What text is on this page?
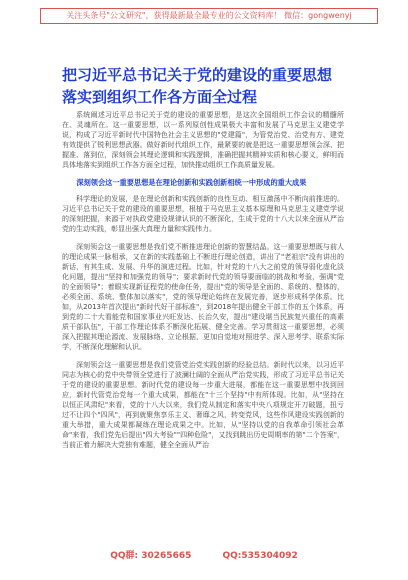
关注头条号"公文研究"，获得最新最全最专业的公文资料库！ 微信：gongwenyj
把习近平总书记关于党的建设的重要思想落实到组织工作各方面全过程

系统阐述习近平总书记关于党的建设的重要思想，是这次全国组织工作会议的精髓所在、灵魂所在。这一重要思想，以一系列原创性成果极大丰富和发展了马克思主义建党学说，构成了习近平新时代中国特色社会主义思想的"党建篇"，为管党治党、治党有方、建党有效提供了锐利思想武器。做好新时代组织工作，最紧要的就是把这一重要思想领会深、把握准、落到位，深刻领会其理论逻辑和实践逻辑，准确把握其精神实质和核心要义，鲜明而具体地落实到组织工作各方面全过程，加快推动组织工作高质量发展。

深刻领会这一重要思想是在理论创新和实践创新相统一中形成的重大成果

科学理论的发展，是在理论创新和实践创新的良性互动、相互激荡中不断向前推进的。习近平总书记关于党的建设的重要思想，根植于马克思主义基本原理和马克思主义建党学说的深刻把握，来源于对执政党建设规律认识的不断深化，生成于党的十八大以来全面从严治党的生动实践，彰显出强大真理力量和实践伟力。

深刻领会这一重要思想是我们党不断推进理论创新的智慧结晶。这一重要思想既与前人的理论成果一脉相承，又在新的实践基础上不断进行理论创造，讲出了"老祖宗"没有讲出的新话，有其生成、发展、升华的演进过程。比如，针对党的十八大之前党的领导弱化虚化淡化问题，提出"坚持和加强党的领导"；要求新时代党的领导要面临的挑战和考验，强调"党的全面领导"；着眼实现新征程党的使命任务，提出"党的领导是全面的、系统的、整体的，必须全面、系统、整体加以落实"，党的领导理论始终在发展完善，逐步形成科学体系。比如，从2013年首次提出"新时代好干部标准"，到2018年提出健全干部工作的五个体系，再到党的二十大看能党和国家事业兴旺发达、长治久安，提出"建设堪当民族复兴重任的高素质干部队伍"，干部工作理论体系不断深化拓展、健全完善。学习贯彻这一重要思想，必须深入把握其理论源流、发展脉络、立论根据，更加自觉地对照进学、深入思考学、联系实际学，不断深化理解和认识。

深刻领会这一重要思想是我们党管党治党实践创新的经验总结。新时代以来，以习近平同志为核心的党中央带领全党进行了波澜壮阔的全面从严治党实践，形成了习近平总书记关于党的建设的重要思想。新时代党的建设每一步重大进展，都能在这一重要思想中找到回应，新时代管党治党每一个重大成果，都能在"十三个坚持"中有所体现。比如，从"坚持在以恒正风肃纪"来看，党的十八大以来，我们党从制定和落实中央八项规定开刀破题，扭亏过不让四个"四风"，再到就聚焦享乐主义、奢靡之风，转变党风，这些作风建设实践创新的重大举措，重大成果都凝练在理论成果之中。比如，从"坚持以党的自我革命引领社会革命"来看，我们党先后提出"四大考验""四种危险"，又找到跳出历史周期率的第"二个答案"，当前正着力解决大党独有难题，健全全面从严治

QQ群: 30265665	QQ:535304092
